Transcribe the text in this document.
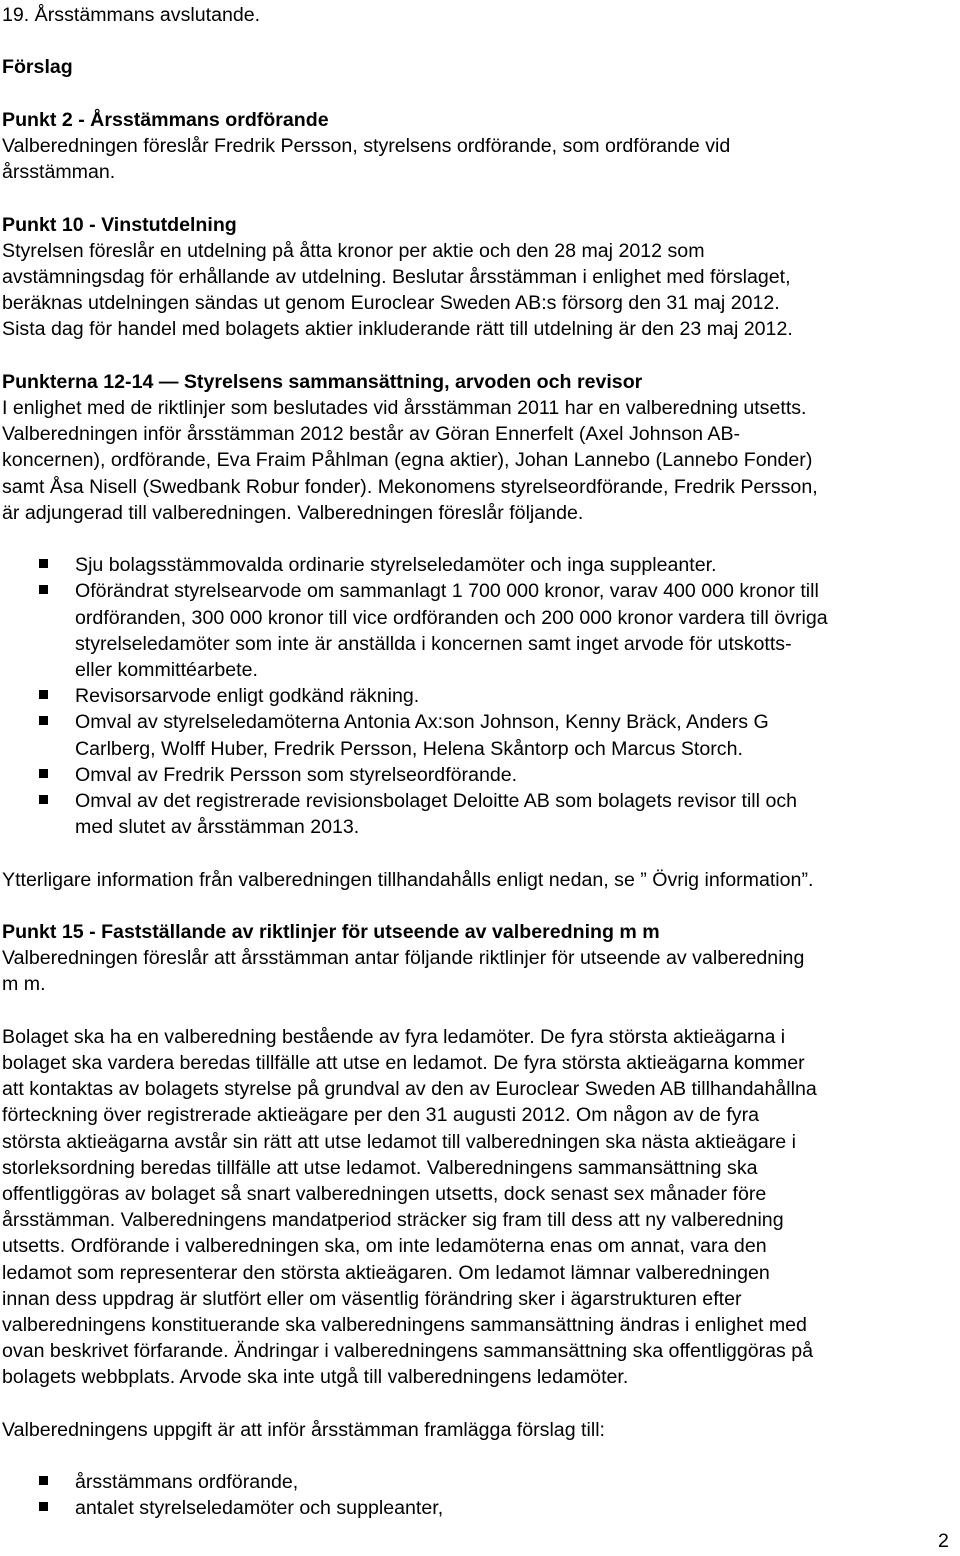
19. Årsstämmans avslutande.

Förslag

Punkt 2 - Årsstämmans ordförande

Valberedningen föreslår Fredrik Persson, styrelsens ordförande, som ordförande vid

årsstämman.

Punkt 10 - Vinstutdelning

Styrelsen föreslår en utdelning på åtta kronor per aktie och den 28 maj 2012 som

avstämningsdag för erhållande av utdelning. Beslutar årsstämman i enlighet med förslaget,

beräknas utdelningen sändas ut genom Euroclear Sweden AB:s försorg den 31 maj 2012.

Sista dag för handel med bolagets aktier inkluderande rätt till utdelning är den 23 maj 2012.

Punkterna 12-14 — Styrelsens sammansättning, arvoden och revisor

I enlighet med de riktlinjer som beslutades vid årsstämman 2011 har en valberedning utsetts.

Valberedningen inför årsstämman 2012 består av Göran Ennerfelt (Axel Johnson AB-

koncernen), ordförande, Eva Fraim Påhlman (egna aktier), Johan Lannebo (Lannebo Fonder)

samt Åsa Nisell (Swedbank Robur fonder). Mekonomens styrelseordförande, Fredrik Persson,

är adjungerad till valberedningen. Valberedningen föreslår följande.

Sju bolagsstämmovalda ordinarie styrelseledamöter och inga suppleanter.

Oförändrat styrelsearvode om sammanlagt 1 700 000 kronor, varav 400 000 kronor till

ordföranden, 300 000 kronor till vice ordföranden och 200 000 kronor vardera till övriga

styrelseledamöter som inte är anställda i koncernen samt inget arvode för utskotts-

eller kommittéarbete.

Revisorsarvode enligt godkänd räkning.

Omval av styrelseledamöterna Antonia Ax:son Johnson, Kenny Bräck, Anders G

Carlberg, Wolff Huber, Fredrik Persson, Helena Skåntorp och Marcus Storch.

Omval av Fredrik Persson som styrelseordförande.

Omval av det registrerade revisionsbolaget Deloitte AB som bolagets revisor till och

med slutet av årsstämman 2013.

Ytterligare information från valberedningen tillhandahålls enligt nedan, se ” Övrig information”.

Punkt 15 - Fastställande av riktlinjer för utseende av valberedning m m

Valberedningen föreslår att årsstämman antar följande riktlinjer för utseende av valberedning

m m.

Bolaget ska ha en valberedning bestående av fyra ledamöter. De fyra största aktieägarna i

bolaget ska vardera beredas tillfälle att utse en ledamot. De fyra största aktieägarna kommer

att kontaktas av bolagets styrelse på grundval av den av Euroclear Sweden AB tillhandahållna

förteckning över registrerade aktieägare per den 31 augusti 2012. Om någon av de fyra

största aktieägarna avstår sin rätt att utse ledamot till valberedningen ska nästa aktieägare i

storleksordning beredas tillfälle att utse ledamot. Valberedningens sammansättning ska

offentliggöras av bolaget så snart valberedningen utsetts, dock senast sex månader före

årsstämman. Valberedningens mandatperiod sträcker sig fram till dess att ny valberedning

utsetts. Ordförande i valberedningen ska, om inte ledamöterna enas om annat, vara den

ledamot som representerar den största aktieägaren. Om ledamot lämnar valberedningen

innan dess uppdrag är slutfört eller om väsentlig förändring sker i ägarstrukturen efter

valberedningens konstituerande ska valberedningens sammansättning ändras i enlighet med

ovan beskrivet förfarande. Ändringar i valberedningens sammansättning ska offentliggöras på

bolagets webbplats. Arvode ska inte utgå till valberedningens ledamöter.

Valberedningens uppgift är att inför årsstämman framlägga förslag till:

årsstämmans ordförande,

antalet styrelseledamöter och suppleanter,

2
